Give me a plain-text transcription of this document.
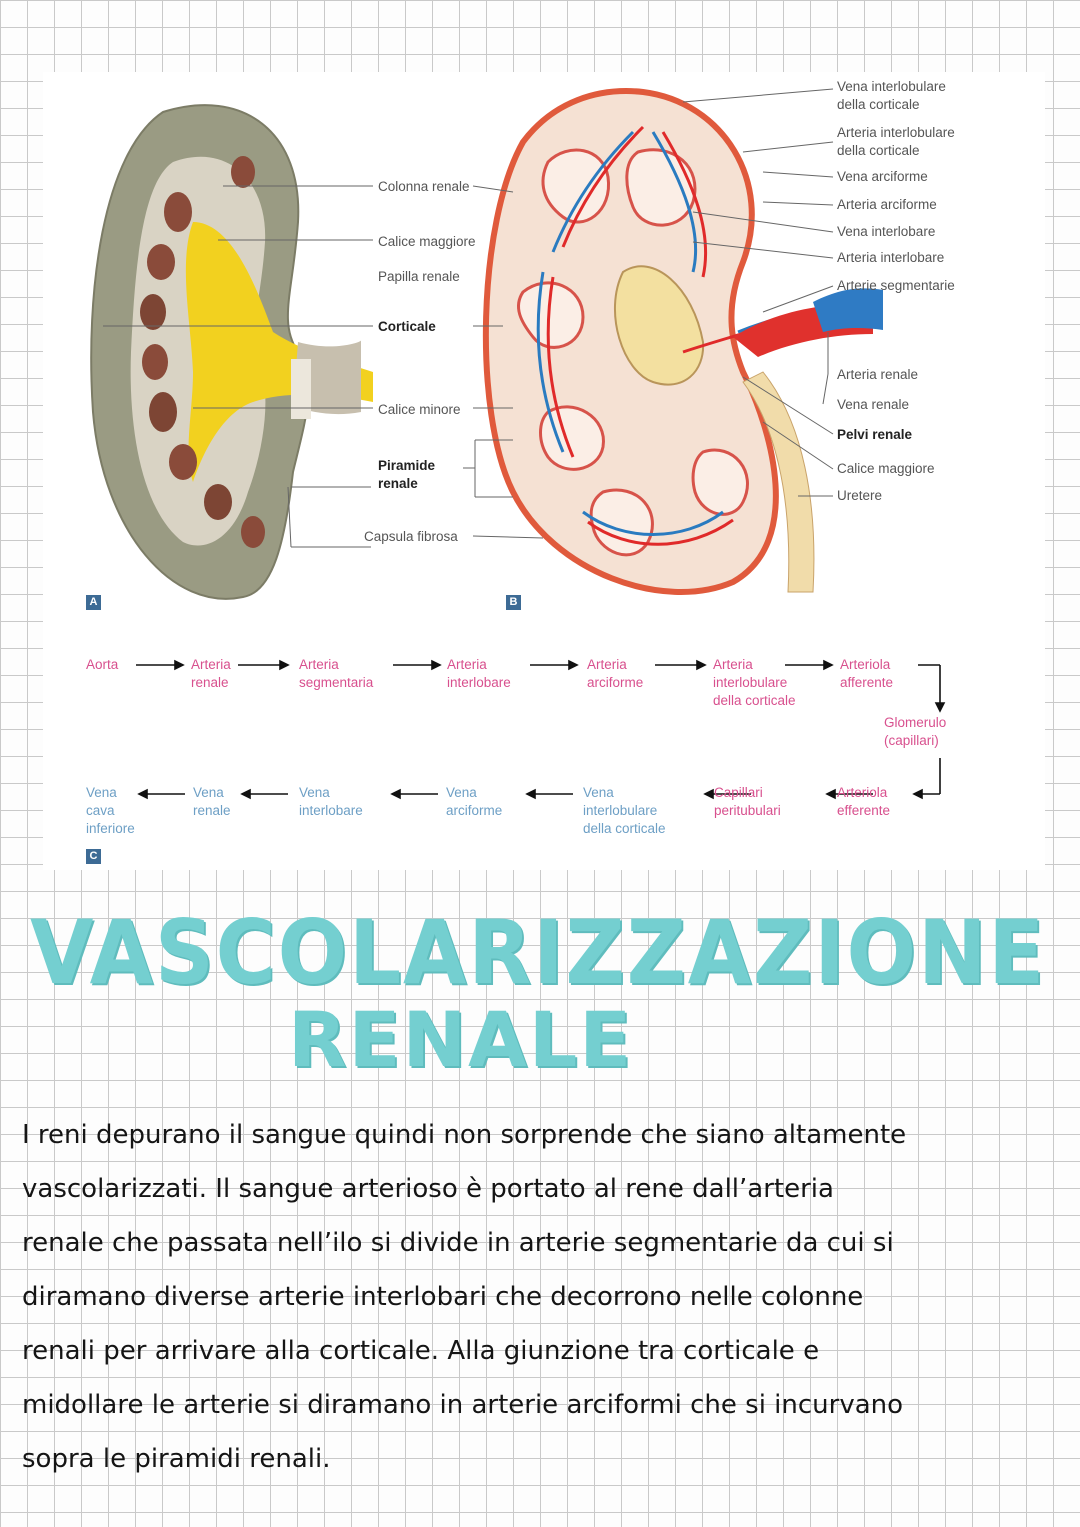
Colonna renale
Calice maggiore
Papilla renale
Corticale
Calice minore
Piramide
renale
Capsula fibrosa
A
Vena interlobulare
della corticale
Arteria interlobulare
della corticale
Vena arciforme
Arteria arciforme
Vena interlobare
Arteria interlobare
Arterie segmentarie
Arteria renale
Vena renale
Pelvi renale
Calice maggiore
Uretere
B
Aorta	Arteria
renale
Arteria
segmentaria
Arteria
interlobare
Arteria
arciforme
Arteria
interlobulare
della corticale
Arteriola
afferente
Glomerulo
(capillari)
Vena
cava
inferiore
Vena
renale
Vena
interlobare
Vena
arciforme
Vena
interlobulare
della corticale
Capillari
peritubulari
Arteriola
efferente
C
VASCOLARIZZAZIONE
RENALE
I reni depurano il sangue quindi non sorprende che siano altamente
vascolarizzati. Il sangue arterioso è portato al rene dall’arteria
renale che passata nell’ilo si divide in arterie segmentarie da cui si
diramano diverse arterie interlobari che decorrono nelle colonne
renali per arrivare alla corticale. Alla giunzione tra corticale e
midollare le arterie si diramano in arterie arciformi che si incurvano
sopra le piramidi renali.
